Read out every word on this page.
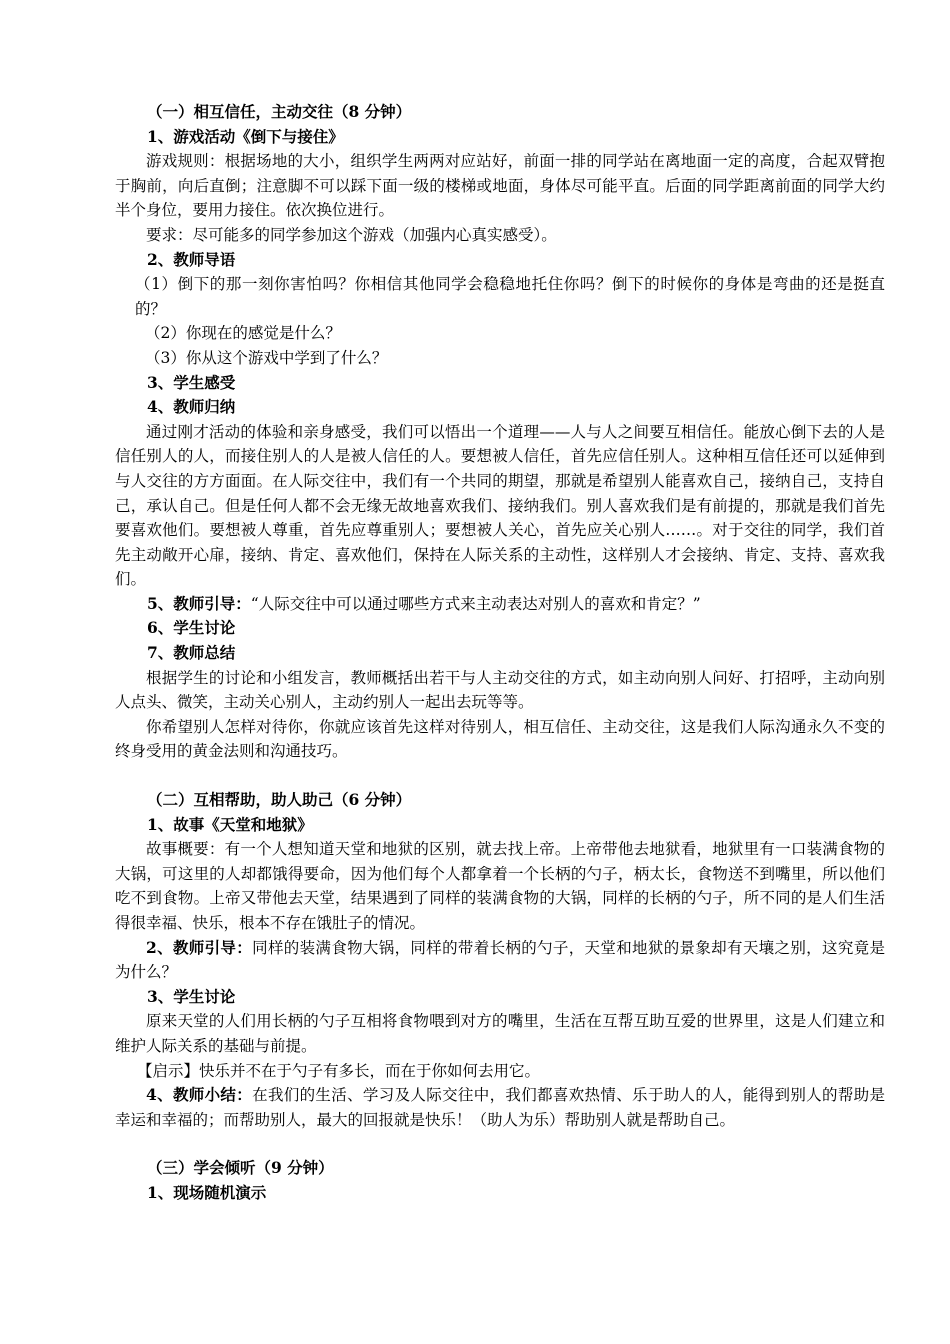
（一）相互信任，主动交往（8 分钟）

1、游戏活动《倒下与接住》

游戏规则：根据场地的大小，组织学生两两对应站好，前面一排的同学站在离地面一定的高度，合起双臂抱于胸前，向后直倒；注意脚不可以踩下面一级的楼梯或地面，身体尽可能平直。后面的同学距离前面的同学大约半个身位，要用力接住。依次换位进行。

要求：尽可能多的同学参加这个游戏（加强内心真实感受）。

2、教师导语

（1）倒下的那一刻你害怕吗？你相信其他同学会稳稳地托住你吗？倒下的时候你的身体是弯曲的还是挺直的？

（2）你现在的感觉是什么？

（3）你从这个游戏中学到了什么？

3、学生感受

4、教师归纳

通过刚才活动的体验和亲身感受，我们可以悟出一个道理——人与人之间要互相信任。能放心倒下去的人是信任别人的人，而接住别人的人是被人信任的人。要想被人信任，首先应信任别人。这种相互信任还可以延伸到与人交往的方方面面。在人际交往中，我们有一个共同的期望，那就是希望别人能喜欢自己，接纳自己，支持自己，承认自己。但是任何人都不会无缘无故地喜欢我们、接纳我们。别人喜欢我们是有前提的，那就是我们首先要喜欢他们。要想被人尊重，首先应尊重别人；要想被人关心，首先应关心别人……。对于交往的同学，我们首先主动敞开心扉，接纳、肯定、喜欢他们，保持在人际关系的主动性，这样别人才会接纳、肯定、支持、喜欢我们。

5、教师引导：“人际交往中可以通过哪些方式来主动表达对别人的喜欢和肯定？”

6、学生讨论

7、教师总结

根据学生的讨论和小组发言，教师概括出若干与人主动交往的方式，如主动向别人问好、打招呼，主动向别人点头、微笑，主动关心别人，主动约别人一起出去玩等等。

你希望别人怎样对待你，你就应该首先这样对待别人，相互信任、主动交往，这是我们人际沟通永久不变的终身受用的黄金法则和沟通技巧。

（二）互相帮助，助人助己（6 分钟）

1、故事《天堂和地狱》

故事概要：有一个人想知道天堂和地狱的区别，就去找上帝。上帝带他去地狱看，地狱里有一口装满食物的大锅，可这里的人却都饿得要命，因为他们每个人都拿着一个长柄的勺子，柄太长，食物送不到嘴里，所以他们吃不到食物。上帝又带他去天堂，结果遇到了同样的装满食物的大锅，同样的长柄的勺子，所不同的是人们生活得很幸福、快乐，根本不存在饿肚子的情况。

2、教师引导：同样的装满食物大锅，同样的带着长柄的勺子，天堂和地狱的景象却有天壤之别，这究竟是为什么？

3、学生讨论

原来天堂的人们用长柄的勺子互相将食物喂到对方的嘴里，生活在互帮互助互爱的世界里，这是人们建立和维护人际关系的基础与前提。

【启示】快乐并不在于勺子有多长，而在于你如何去用它。

4、教师小结：在我们的生活、学习及人际交往中，我们都喜欢热情、乐于助人的人，能得到别人的帮助是幸运和幸福的；而帮助别人，最大的回报就是快乐！（助人为乐）帮助别人就是帮助自己。

（三）学会倾听（9 分钟）

1、现场随机演示
